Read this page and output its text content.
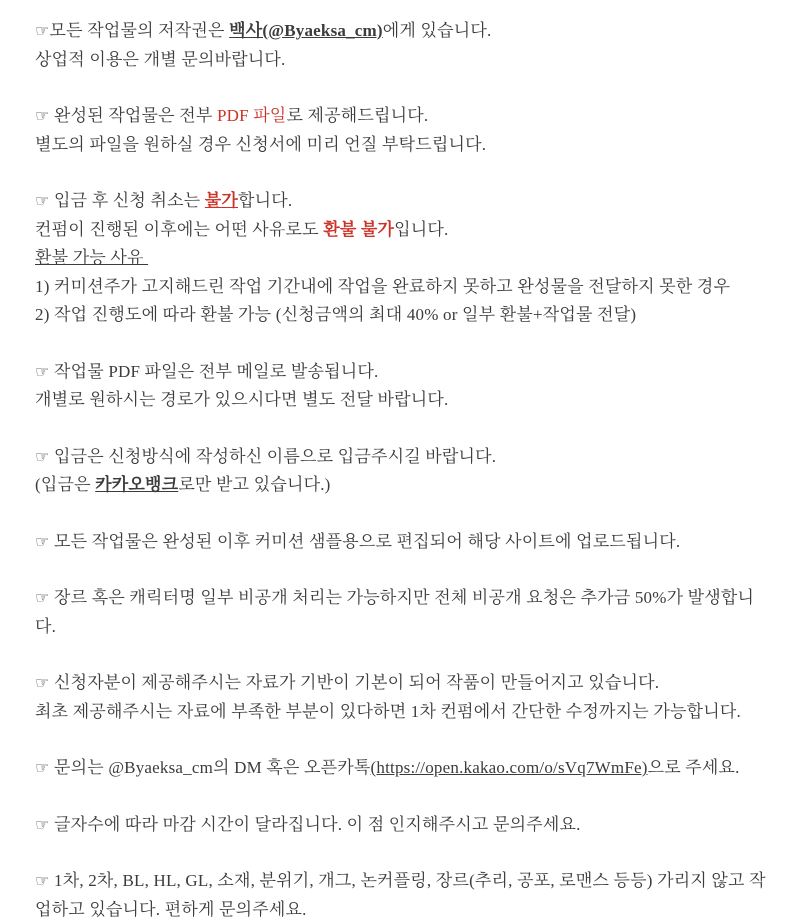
☞모든 작업물의 저작권은 백사(@Byaeksa_cm)에게 있습니다.
상업적 이용은 개별 문의바랍니다.
☞ 완성된 작업물은 전부 PDF 파일로 제공해드립니다.
별도의 파일을 원하실 경우 신청서에 미리 언질 부탁드립니다.
☞ 입금 후 신청 취소는 불가합니다.
컨펌이 진행된 이후에는 어떤 사유로도 환불 불가입니다.
환불 가능 사유
1) 커미션주가 고지해드린 작업 기간내에 작업을 완료하지 못하고 완성물을 전달하지 못한 경우
2) 작업 진행도에 따라 환불 가능 (신청금액의 최대 40% or 일부 환불+작업물 전달)
☞ 작업물 PDF 파일은 전부 메일로 발송됩니다.
개별로 원하시는 경로가 있으시다면 별도 전달 바랍니다.
☞ 입금은 신청방식에 작성하신 이름으로 입금주시길 바랍니다.
(입금은 카카오뱅크로만 받고 있습니다.)
☞ 모든 작업물은 완성된 이후 커미션 샘플용으로 편집되어 해당 사이트에 업로드됩니다.
☞ 장르 혹은 캐릭터명 일부 비공개 처리는 가능하지만 전체 비공개 요청은 추가금 50%가 발생합니다.
☞ 신청자분이 제공해주시는 자료가 기반이 기본이 되어 작품이 만들어지고 있습니다.
최초 제공해주시는 자료에 부족한 부분이 있다하면 1차 컨펌에서 간단한 수정까지는 가능합니다.
☞ 문의는 @Byaeksa_cm의 DM 혹은 오픈카톡(https://open.kakao.com/o/sVq7WmFe)으로 주세요.
☞ 글자수에 따라 마감 시간이 달라집니다. 이 점 인지해주시고 문의주세요.
☞ 1차, 2차, BL, HL, GL, 소재, 분위기, 개그, 논커플링, 장르(추리, 공포, 로맨스 등등) 가리지 않고 작업하고 있습니다. 편하게 문의주세요.
